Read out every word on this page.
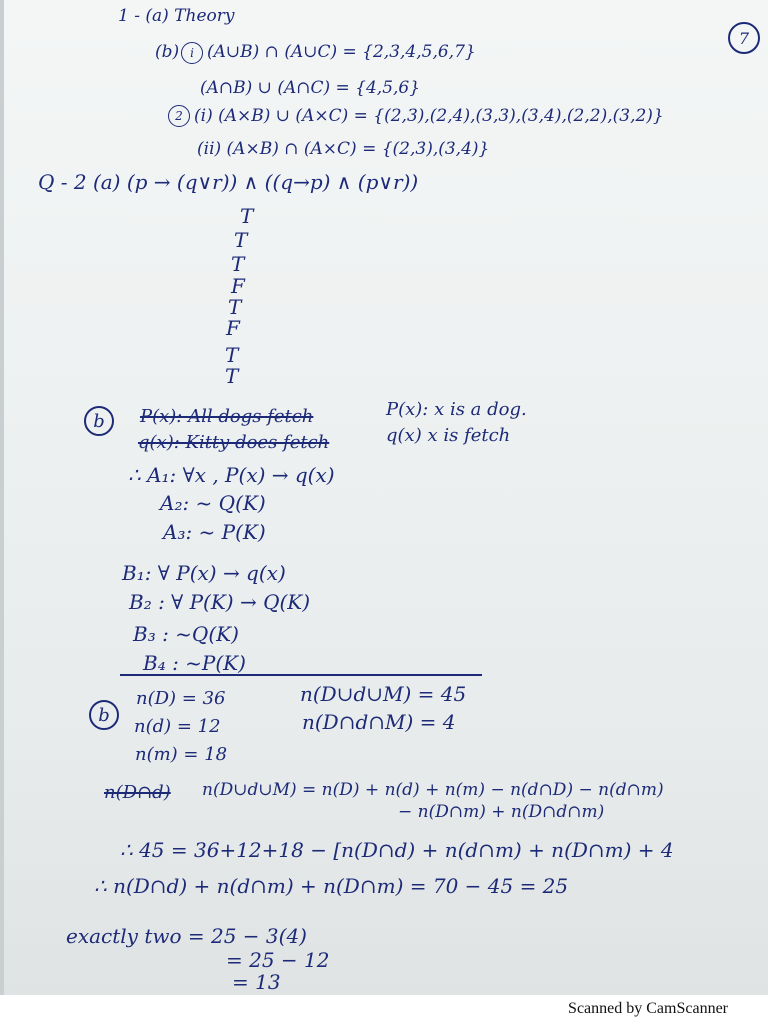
7

1 - (a) Theory

(b) i (A∪B) ∩ (A∪C) = {2,3,4,5,6,7}

(A∩B) ∪ (A∩C) = {4,5,6}

2 (i) (A×B) ∪ (A×C) = {(2,3),(2,4),(3,3),(3,4),(2,2),(3,2)}

(ii) (A×B) ∩ (A×C) = {(2,3),(3,4)}

Q - 2 (a) (p → (q∨r)) ∧ ((q→p) ∧ (p∨r))

T

T

T

F

T

F

T

T

b P(x): All dogs fetch	P(x): x is a dog.

q(x): Kitty does fetch	q(x) x is fetch

∴ A₁: ∀x , P(x) → q(x)

A₂: ~ Q(K)

A₃: ~ P(K)

B₁: ∀ P(x) → q(x)

B₂ : ∀ P(K) → Q(K)

B₃ : ~Q(K)

B₄ : ~P(K)

b

n(D) = 36

n(d) = 12

n(m) = 18

n(D∪d∪M) = 45

n(D∩d∩M) = 4

n(D∩d) n(D∪d∪M) = n(D) + n(d) + n(m) − n(d∩D) − n(d∩m)

− n(D∩m) + n(D∩d∩m)

∴ 45 = 36+12+18 − [n(D∩d) + n(d∩m) + n(D∩m) + 4

∴ n(D∩d) + n(d∩m) + n(D∩m) = 70 − 45 = 25

exactly two = 25 − 3(4)

= 25 − 12

= 13

Scanned by CamScanner
